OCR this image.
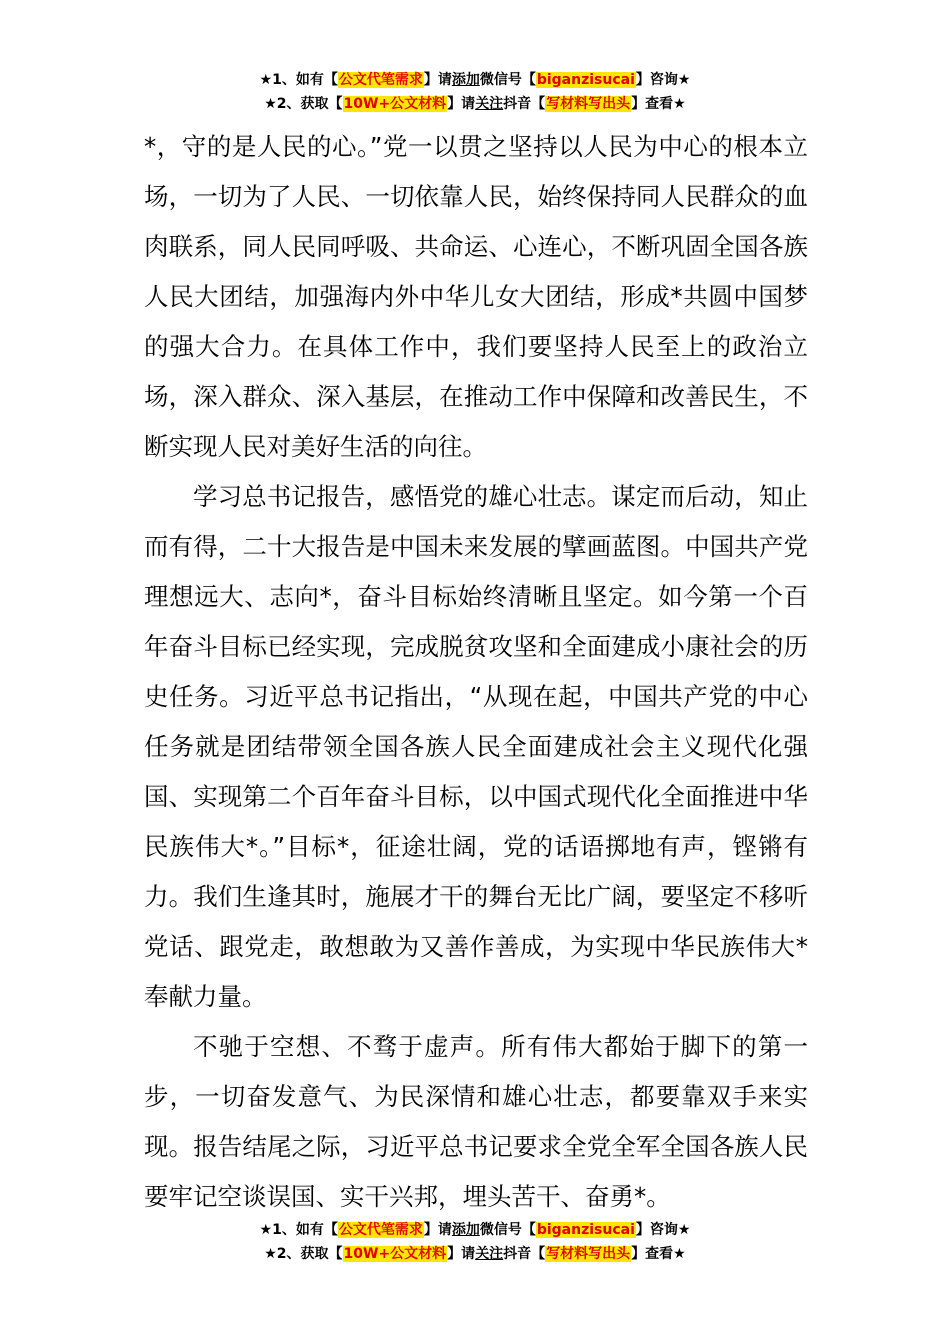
★1、如有【公文代笔需求】请添加微信号【biganzisucai】咨询★
★2、获取【10W+公文材料】请关注抖音【写材料写出头】查看★

*，守的是人民的心。”党一以贯之坚持以人民为中心的根本立场，一切为了人民、一切依靠人民，始终保持同人民群众的血肉联系，同人民同呼吸、共命运、心连心，不断巩固全国各族人民大团结，加强海内外中华儿女大团结，形成*共圆中国梦的强大合力。在具体工作中，我们要坚持人民至上的政治立场，深入群众、深入基层，在推动工作中保障和改善民生，不断实现人民对美好生活的向往。

学习总书记报告，感悟党的雄心壮志。谋定而后动，知止而有得，二十大报告是中国未来发展的擘画蓝图。中国共产党理想远大、志向*，奋斗目标始终清晰且坚定。如今第一个百年奋斗目标已经实现，完成脱贫攻坚和全面建成小康社会的历史任务。习近平总书记指出，“从现在起，中国共产党的中心任务就是团结带领全国各族人民全面建成社会主义现代化强国、实现第二个百年奋斗目标，以中国式现代化全面推进中华民族伟大*。”目标*，征途壮阔，党的话语掷地有声，铿锵有力。我们生逢其时，施展才干的舞台无比广阔，要坚定不移听党话、跟党走，敢想敢为又善作善成，为实现中华民族伟大*奉献力量。

不驰于空想、不骛于虚声。所有伟大都始于脚下的第一步，一切奋发意气、为民深情和雄心壮志，都要靠双手来实现。报告结尾之际，习近平总书记要求全党全军全国各族人民要牢记空谈误国、实干兴邦，埋头苦干、奋勇*。

★1、如有【公文代笔需求】请添加微信号【biganzisucai】咨询★
★2、获取【10W+公文材料】请关注抖音【写材料写出头】查看★
